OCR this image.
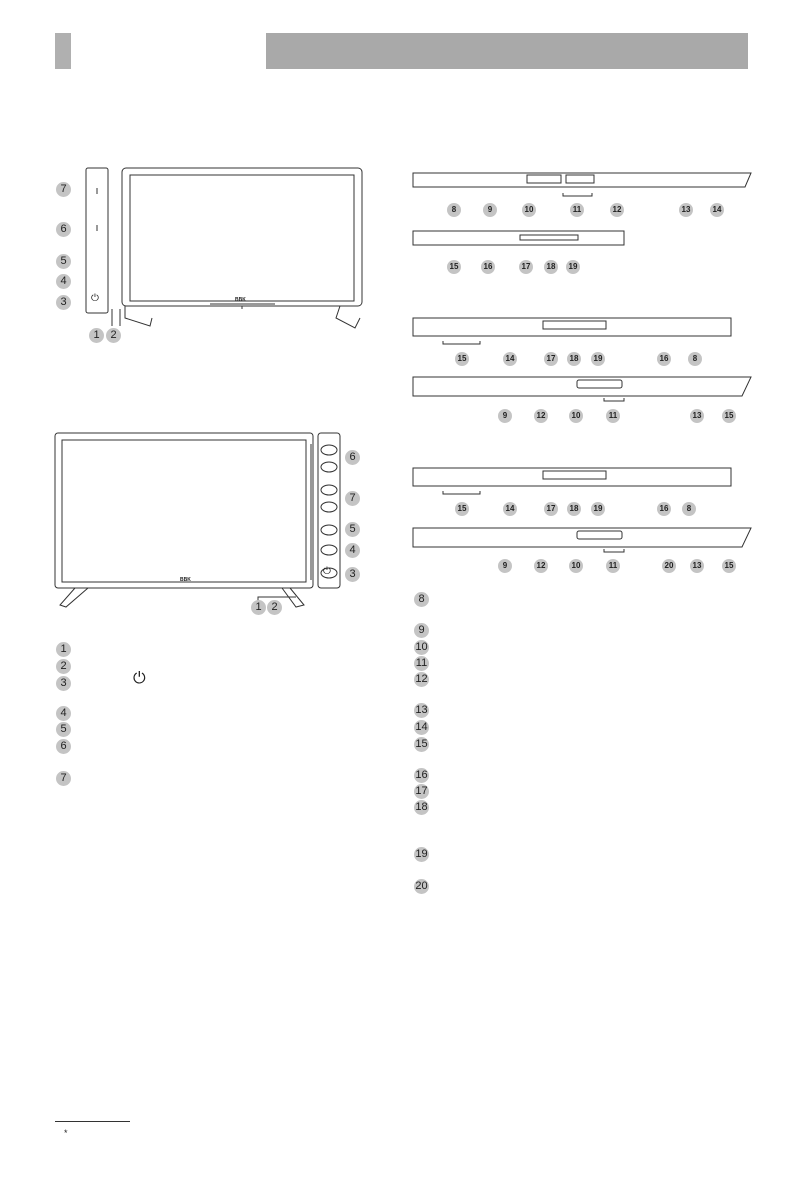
BBK
BBK
⏻
⏻
7
6
5
4
3
1 2
8	9	10	11	12	13	14
15	16	17	18	19
15	14	17	18	19	16	8
9	12	10	11	13	15
15	14	17	18	19	16	8
9	12	10	11	20	13	15
6
7
5
4
3
1 2
1
2
3	⏻
4
5
6
7
8
9
10
11
12
13
14
15
16
17
18
19
20
*
